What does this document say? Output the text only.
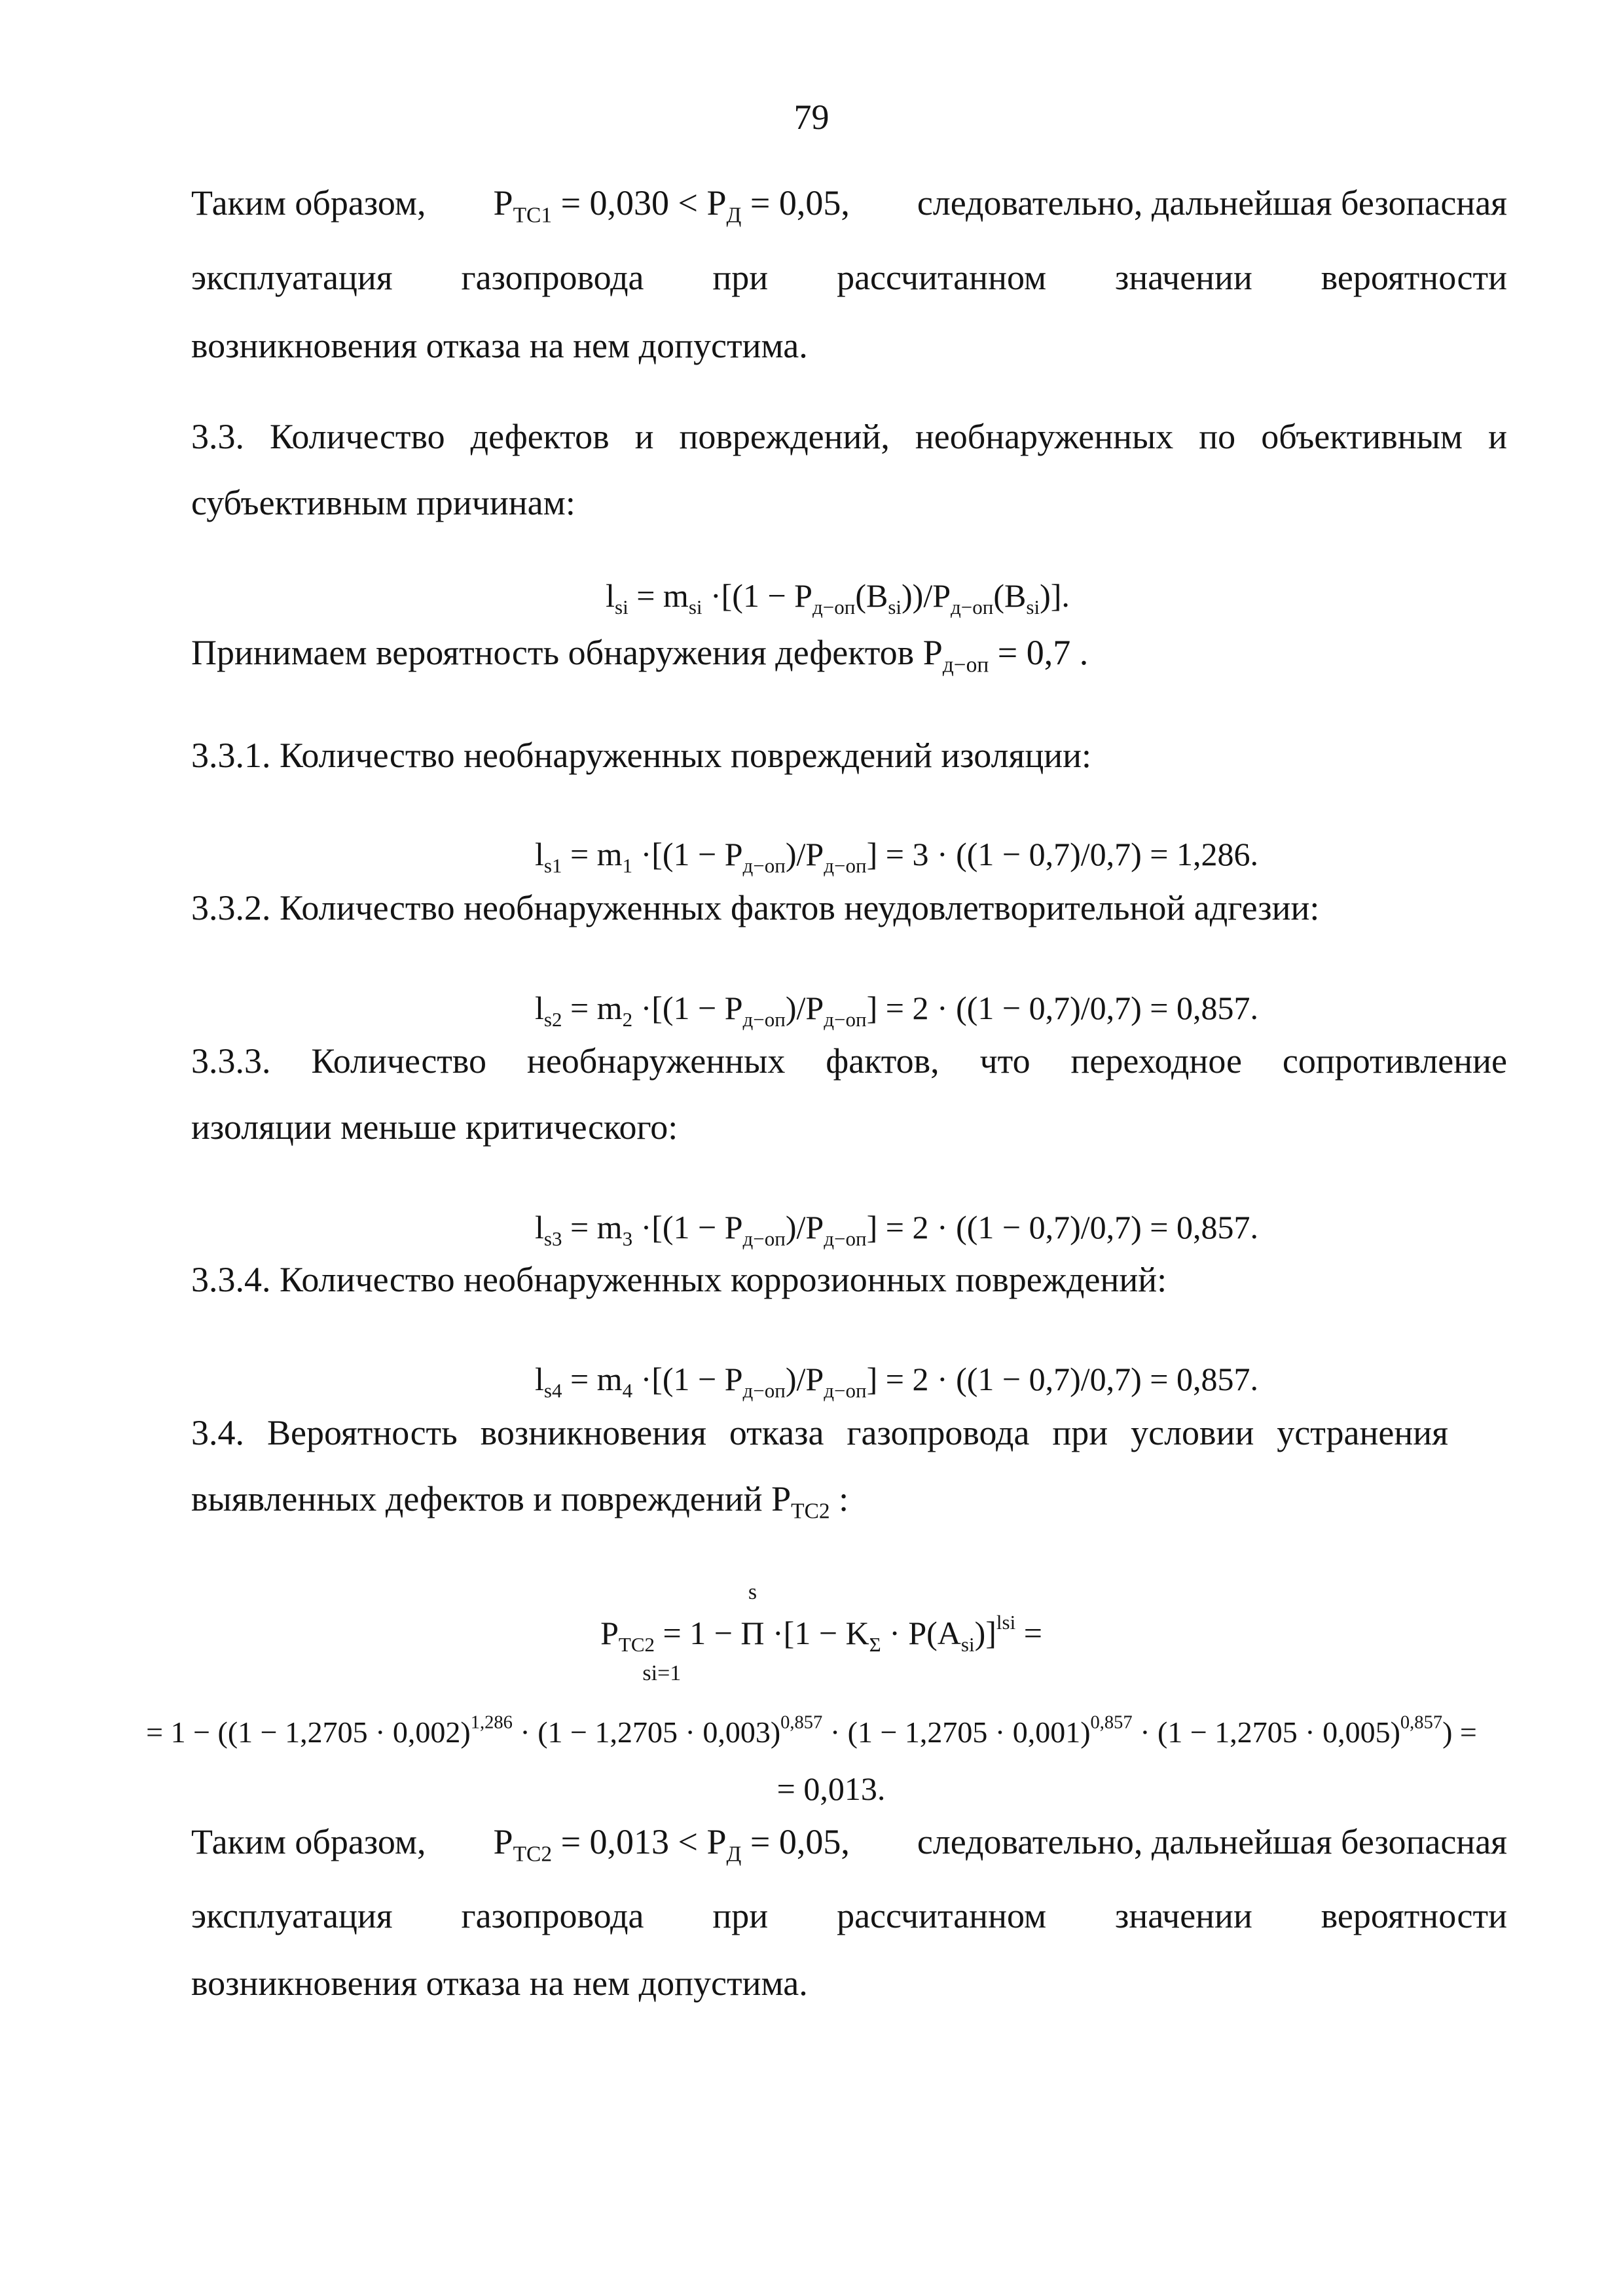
79
Таким образом, $P_{ТС1} = 0,030 < P_Д = 0,05$, следовательно, дальнейшая безопасная
эксплуатация газопровода при рассчитанном значении вероятности
возникновения отказа на нем допустима.
3.3. Количество дефектов и повреждений, необнаруженных по объективным и
субъективным причинам:
$l_{si} = m_{si} \cdot[(1 - P_{д-оп}(B_{si}))/P_{д-оп}(B_{si})]$.
Принимаем вероятность обнаружения дефектов $P_{д-оп} = 0,7$ .
3.3.1. Количество необнаруженных повреждений изоляции:
$l_{s1} = m_1 \cdot[(1 - P_{д-оп})/P_{д-оп}] = 3 \cdot ((1 - 0,7)/0,7) = 1,286$.
3.3.2. Количество необнаруженных фактов неудовлетворительной адгезии:
$l_{s2} = m_2 \cdot[(1 - P_{д-оп})/P_{д-оп}] = 2 \cdot ((1 - 0,7)/0,7) = 0,857$.
3.3.3. Количество необнаруженных фактов, что переходное сопротивление
изоляции меньше критического:
$l_{s3} = m_3 \cdot[(1 - P_{д-оп})/P_{д-оп}] = 2 \cdot ((1 - 0,7)/0,7) = 0,857$.
3.3.4. Количество необнаруженных коррозионных повреждений:
$l_{s4} = m_4 \cdot[(1 - P_{д-оп})/P_{д-оп}] = 2 \cdot ((1 - 0,7)/0,7) = 0,857$.
3.4. Вероятность возникновения отказа газопровода при условии устранения
выявленных дефектов и повреждений $P_{ТС2}$ :
$P_{ТС2} = 1$ −
s
Π
si=1
$\cdot[1 - K_\Sigma \cdot P(A_{si})]^{lsi}$ =
= $1 - ((1 - 1,2705 \cdot 0,002)^{1,286} \cdot (1 - 1,2705 \cdot 0,003)^{0,857} \cdot (1 - 1,2705 \cdot 0,001)^{0,857} \cdot (1 - 1,2705 \cdot 0,005)^{0,857})$ =
= 0,013.
Таким образом, $P_{ТС2} = 0,013 < P_Д = 0,05$, следовательно, дальнейшая безопасная
эксплуатация газопровода при рассчитанном значении вероятности
возникновения отказа на нем допустима.
